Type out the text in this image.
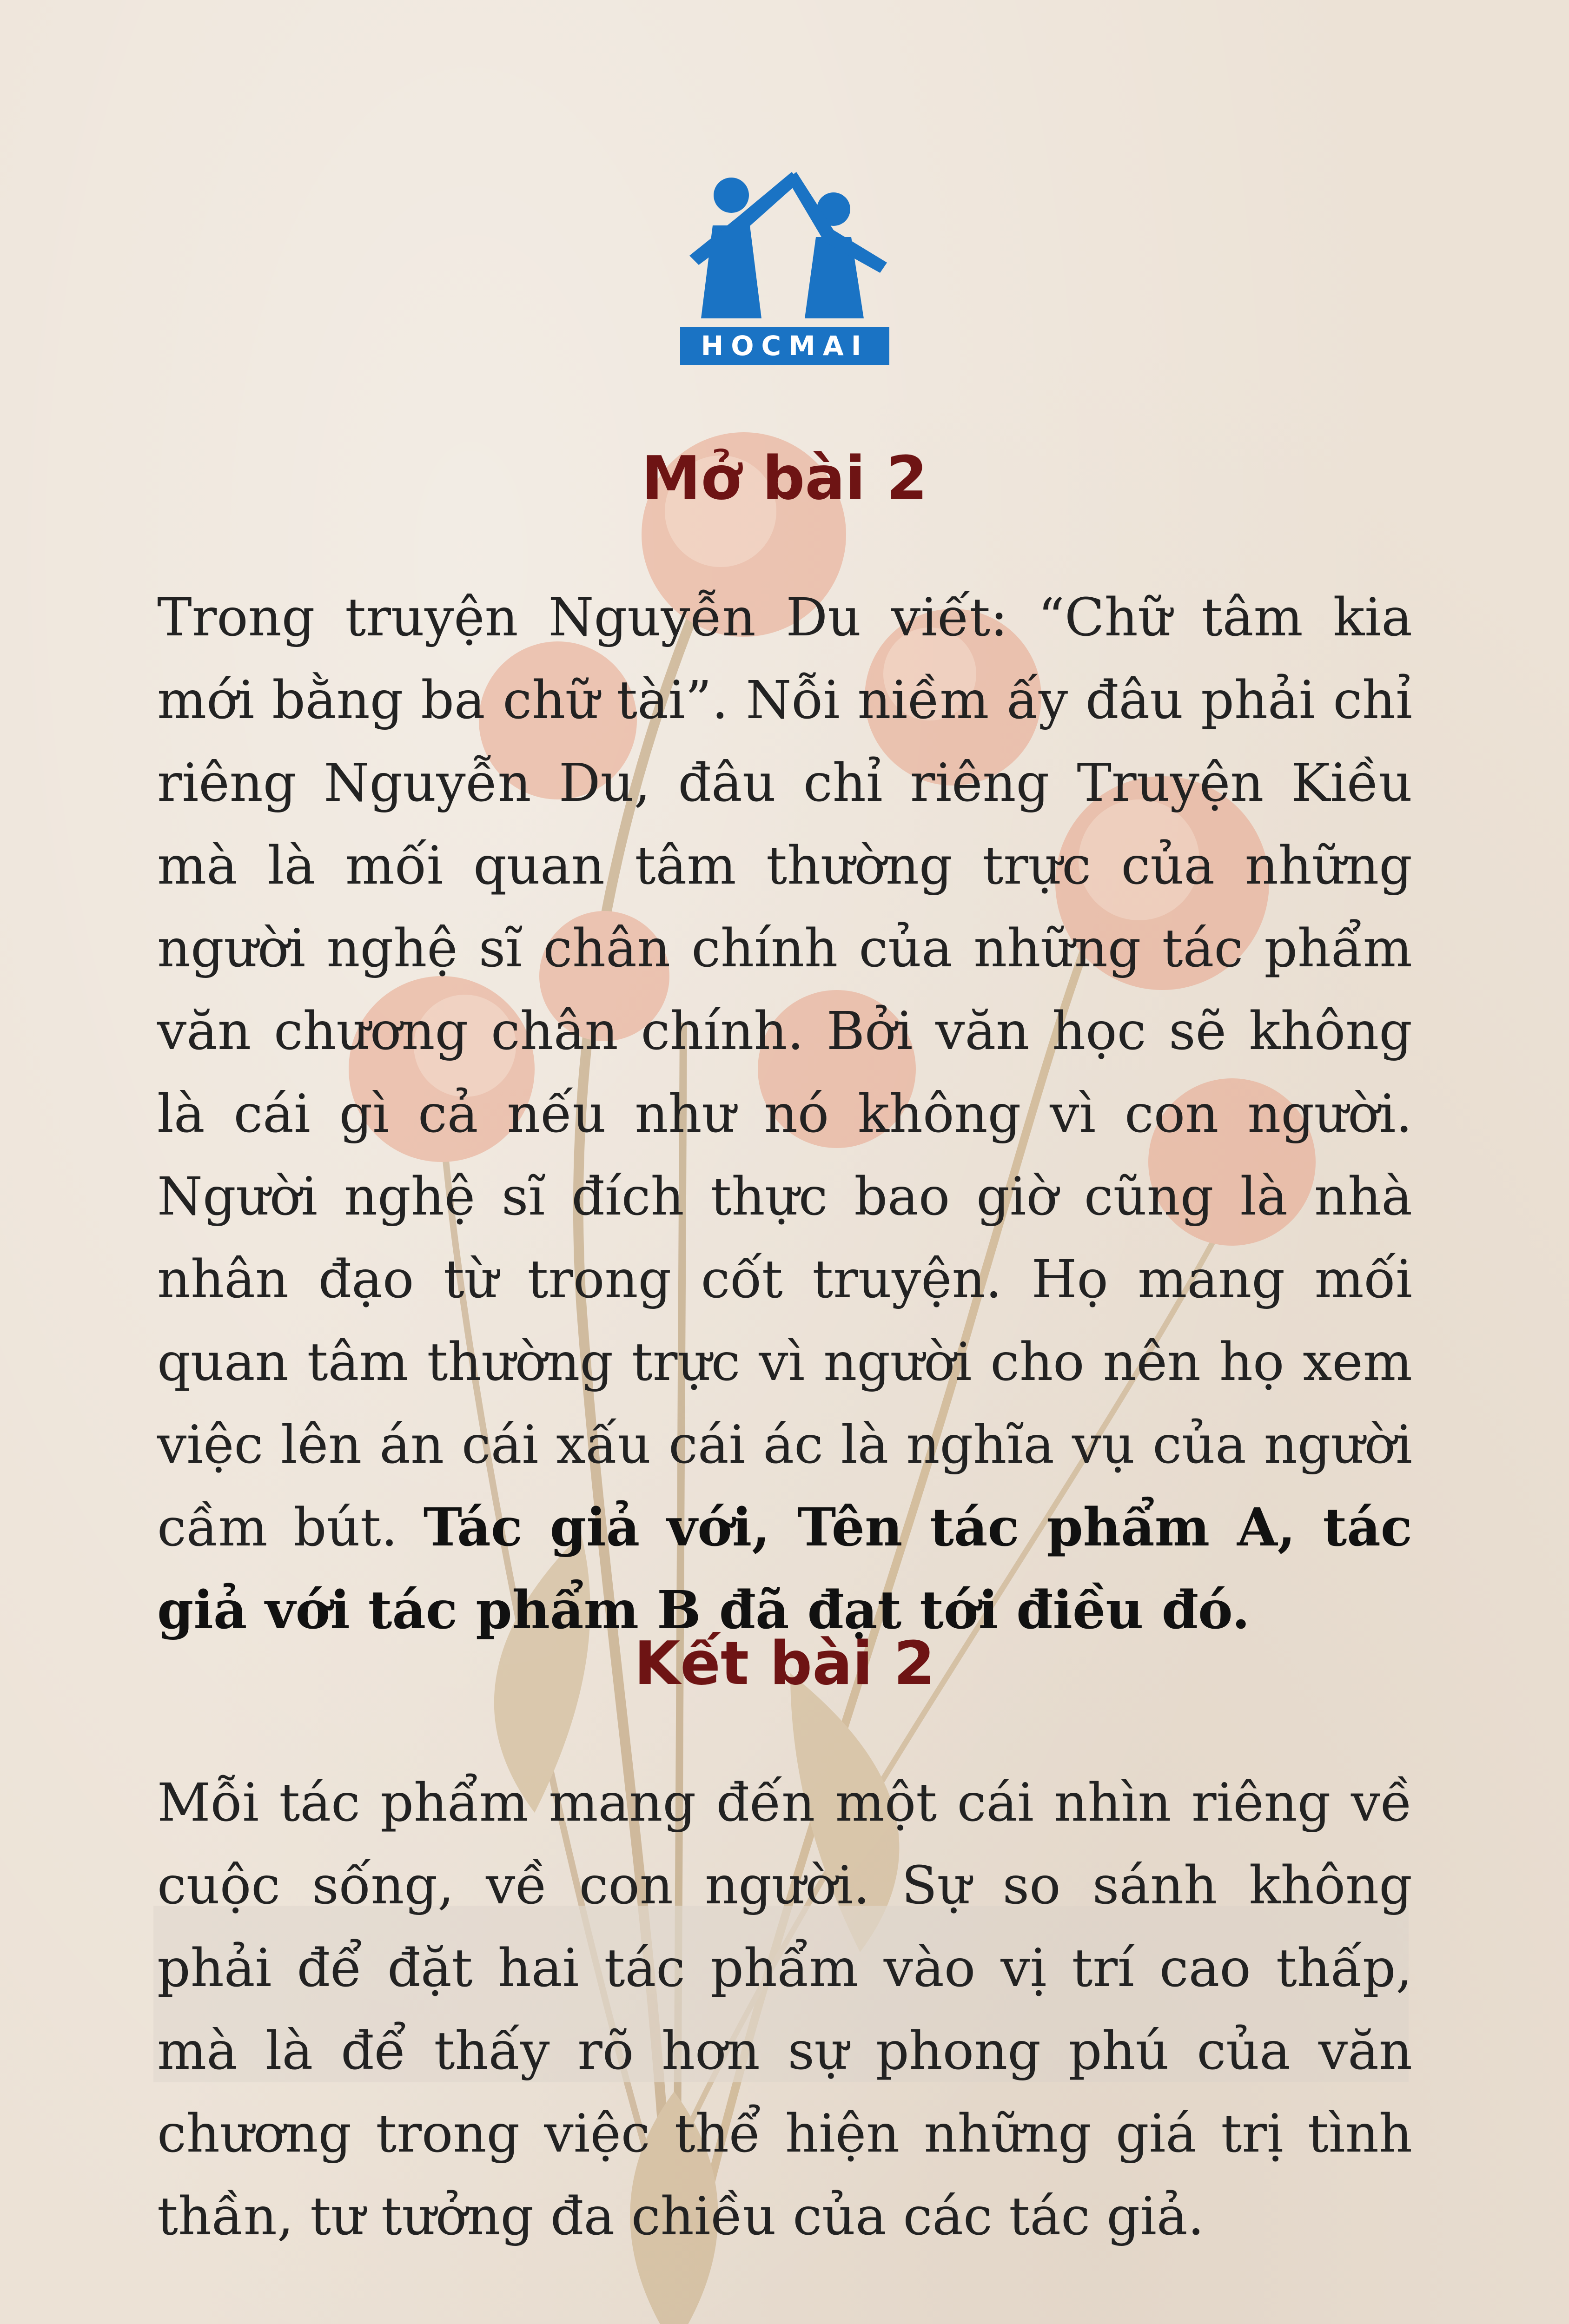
HOCMAI
Mở bài 2

Trong truyện Nguyễn Du viết: “Chữ tâm kia mới bằng ba chữ tài”. Nỗi niềm ấy đâu phải chỉ riêng Nguyễn Du, đâu chỉ riêng Truyện Kiều mà là mối quan tâm thường trực của những người nghệ sĩ chân chính của những tác phẩm văn chương chân chính. Bởi văn học sẽ không là cái gì cả nếu như nó không vì con người. Người nghệ sĩ đích thực bao giờ cũng là nhà nhân đạo từ trong cốt truyện. Họ mang mối quan tâm thường trực vì người cho nên họ xem việc lên án cái xấu cái ác là nghĩa vụ của người cầm bút. Tác giả với, Tên tác phẩm A, tác giả với tác phẩm B đã đạt tới điều đó.

Kết bài 2

Mỗi tác phẩm mang đến một cái nhìn riêng về cuộc sống, về con người. Sự so sánh không phải để đặt hai tác phẩm vào vị trí cao thấp, mà là để thấy rõ hơn sự phong phú của văn chương trong việc thể hiện những giá trị tình thần, tư tưởng đa chiều của các tác giả.
